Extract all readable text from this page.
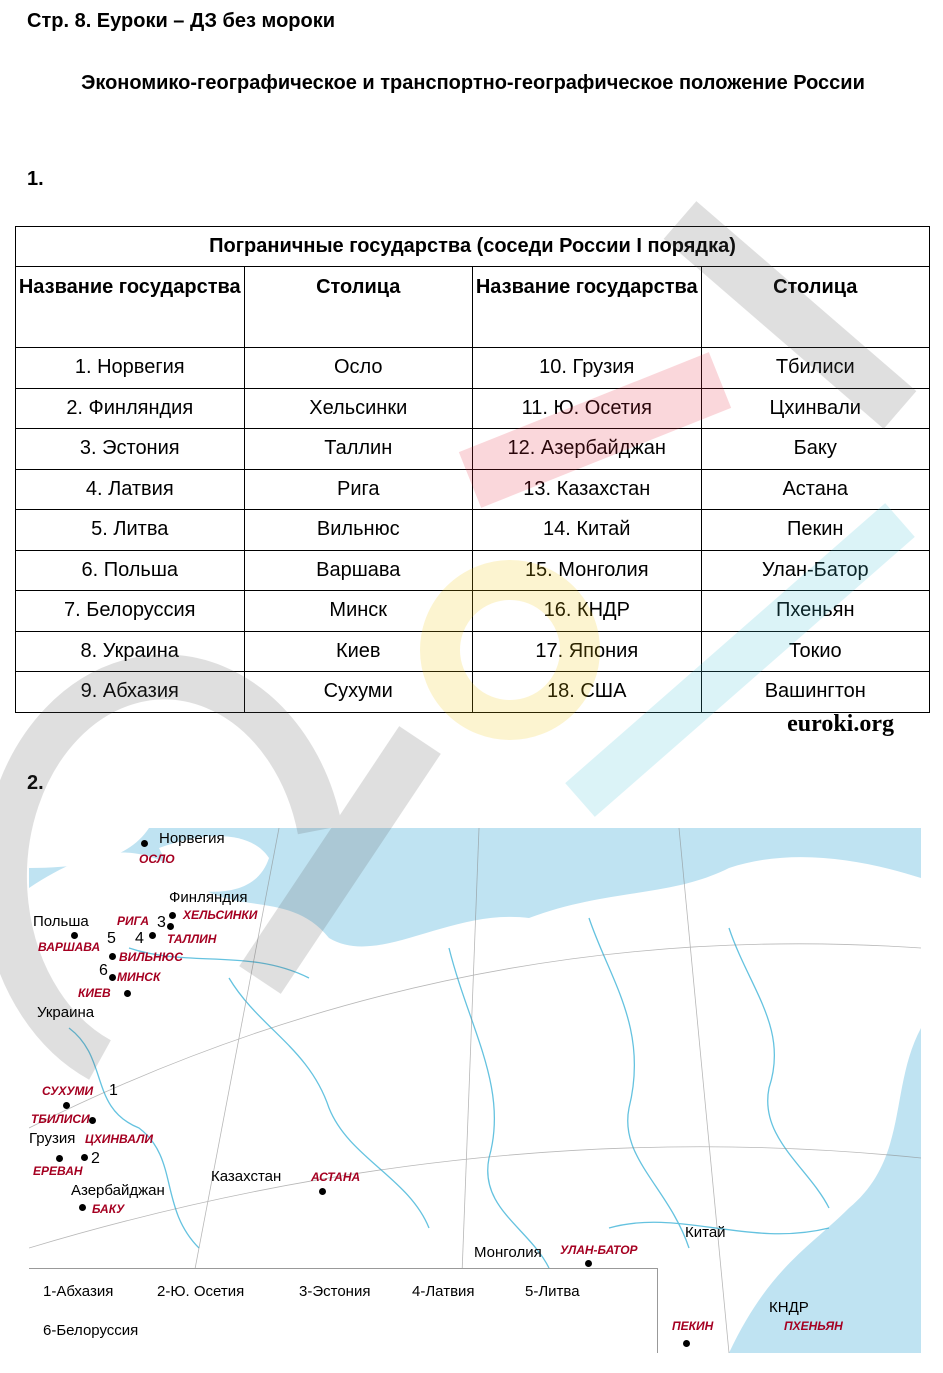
Стр. 8. Еуроки – ДЗ без мороки
Экономико-географическое и транспортно-географическое положение России
1.
Пограничные государства (соседи России I порядка)			
Название государства	Столица	Название государства	Столица
1. Норвегия	Осло	10. Грузия	Тбилиси
2. Финляндия	Хельсинки	11. Ю. Осетия	Цхинвали
3. Эстония	Таллин	12. Азербайджан	Баку
4. Латвия	Рига	13. Казахстан	Астана
5. Литва	Вильнюс	14. Китай	Пекин
6. Польша	Варшава	15. Монголия	Улан-Батор
7. Белоруссия	Минск	16. КНДР	Пхеньян
8. Украина	Киев	17. Япония	Токио
9. Абхазия	Сухуми	18. США	Вашингтон
euroki.org
2.
Норвегия
Финляндия
Польша
Украина
Грузия
Азербайджан
Казахстан
Монголия
Китай
КНДР
ОСЛО
ХЕЛЬСИНКИ
РИГА
ТАЛЛИН
ВАРШАВА
ВИЛЬНЮС
МИНСК
КИЕВ
СУХУМИ
ТБИЛИСИ
ЦХИНВАЛИ
ЕРЕВАН
БАКУ
АСТАНА
УЛАН-БАТОР
ПЕКИН	ПХЕНЬЯН
1
2
3
4
5
6
1-Абхазия	2-Ю. Осетия	3-Эстония	4-Латвия	5-Литва
6-Белоруссия
